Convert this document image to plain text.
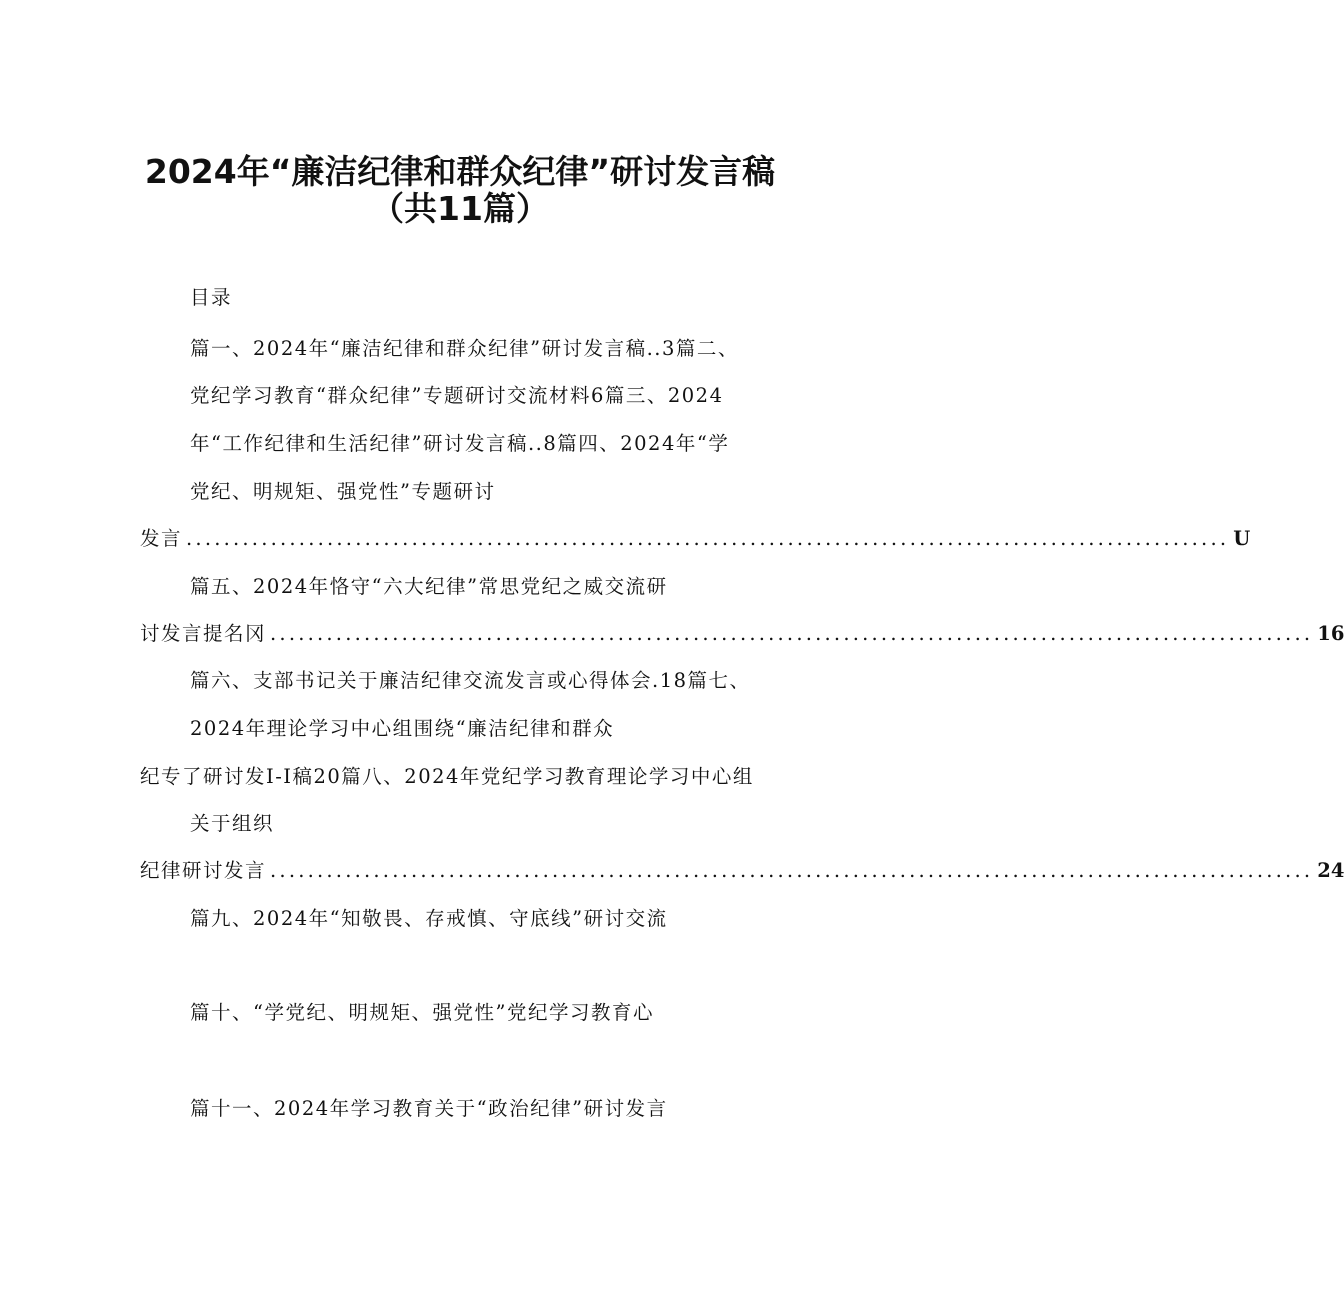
2024年“廉洁纪律和群众纪律”研讨发言稿
（共11篇）
目录
篇一、2024年“廉洁纪律和群众纪律”研讨发言稿..3篇二、
党纪学习教育“群众纪律”专题研讨交流材料6篇三、2024
年“工作纪律和生活纪律”研讨发言稿..8篇四、2024年“学
党纪、明规矩、强党性”专题研讨
发言 ............................................................................................................... U
篇五、2024年恪守“六大纪律”常思党纪之威交流研
讨发言提名冈 ............................................................................................................... 16
篇六、支部书记关于廉洁纪律交流发言或心得体会.18篇七、
2024年理论学习中心组围绕“廉洁纪律和群众
纪专了研讨发I-I稿20篇八、2024年党纪学习教育理论学习中心组
关于组织
纪律研讨发言 ............................................................................................................... 24
篇九、2024年“知敬畏、存戒慎、守底线”研讨交流
篇十、“学党纪、明规矩、强党性”党纪学习教育心
篇十一、2024年学习教育关于“政治纪律”研讨发言
